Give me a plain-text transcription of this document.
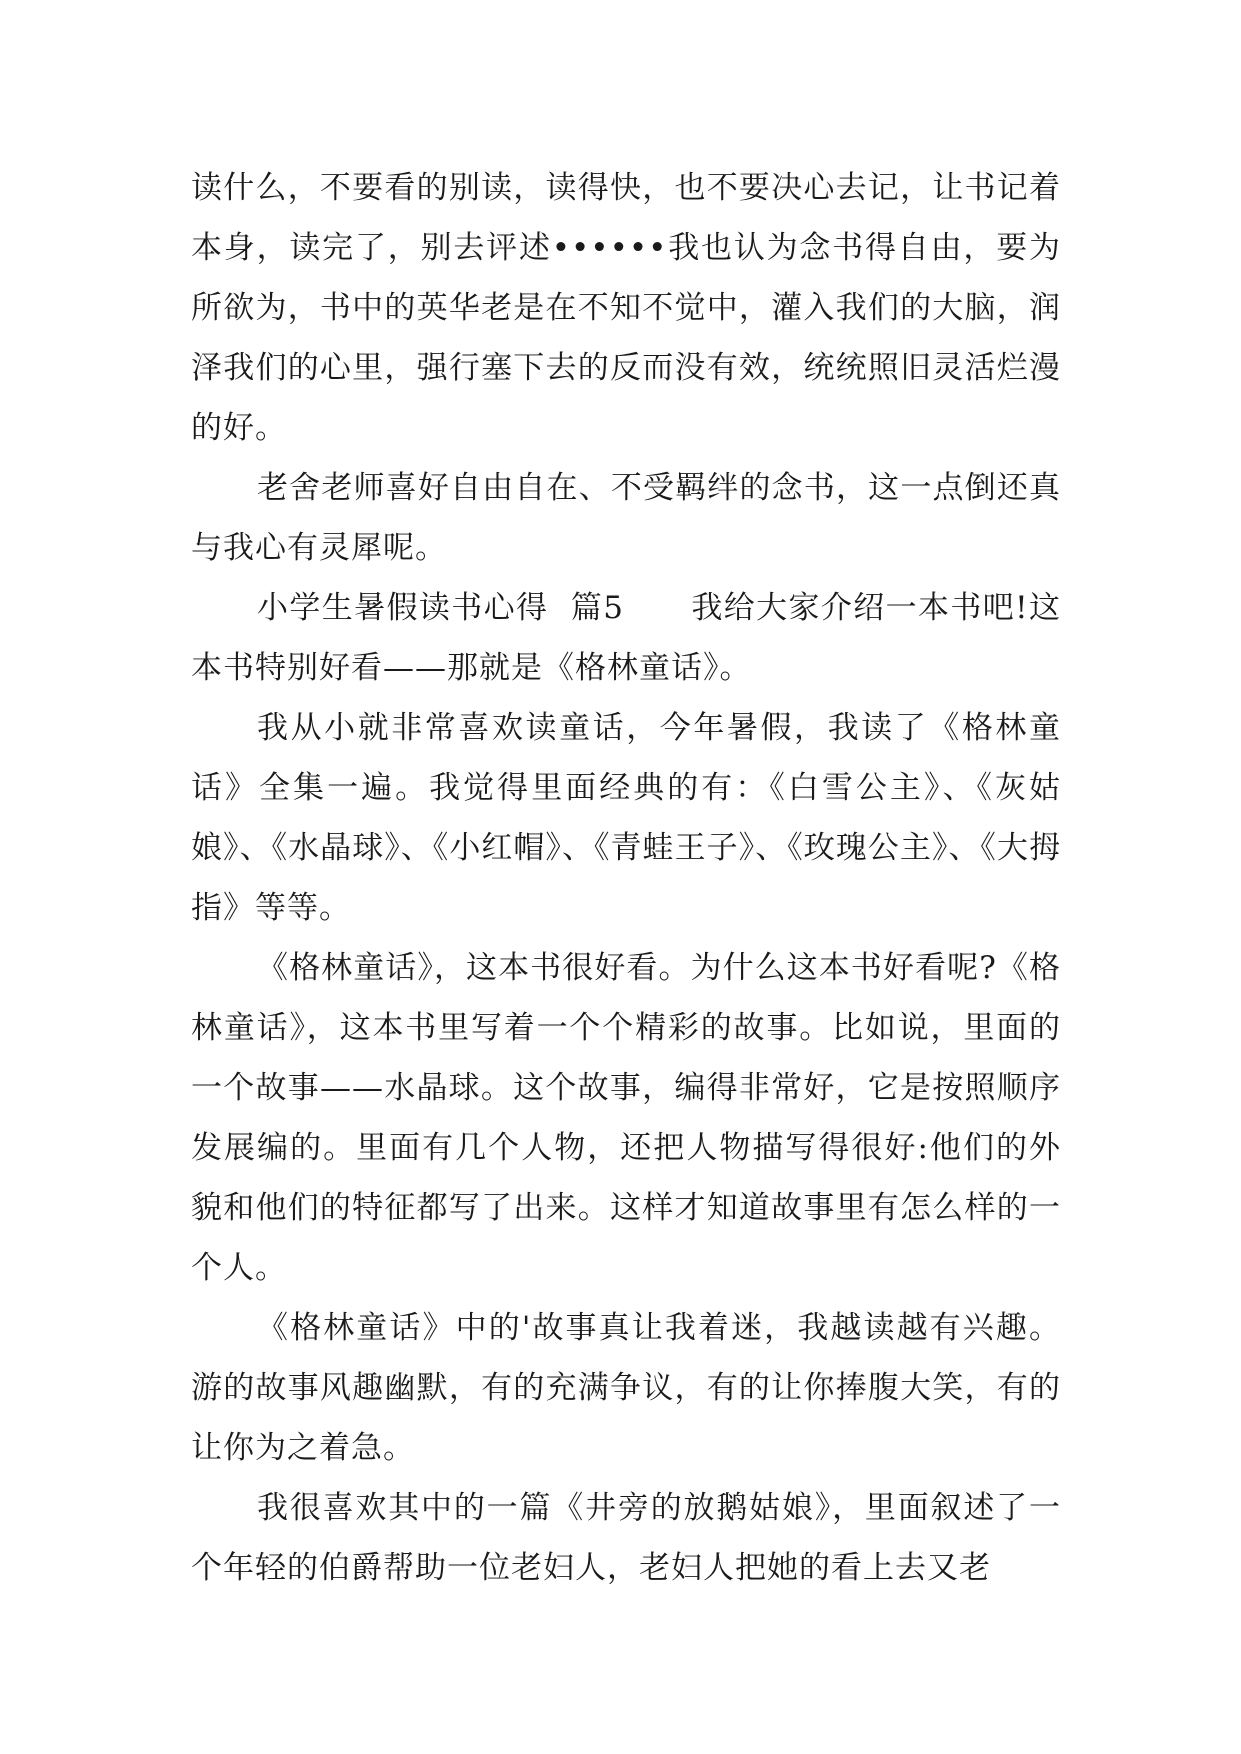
读什么，不要看的别读，读得快，也不要决心去记，让书记着本身，读完了，别去评述••••••我也认为念书得自由，要为所欲为，书中的英华老是在不知不觉中，灌入我们的大脑，润泽我们的心里，强行塞下去的反而没有效，统统照旧灵活烂漫的好。

老舍老师喜好自由自在、不受羁绊的念书，这一点倒还真与我心有灵犀呢。

小学生暑假读书心得  篇5      我给大家介绍一本书吧!这本书特别好看——那就是《格林童话》。

我从小就非常喜欢读童话，今年暑假，我读了《格林童话》全集一遍。我觉得里面经典的有：《白雪公主》、《灰姑娘》、《水晶球》、《小红帽》、《青蛙王子》、《玫瑰公主》、《大拇指》等等。

《格林童话》，这本书很好看。为什么这本书好看呢?《格林童话》，这本书里写着一个个精彩的故事。比如说，里面的一个故事——水晶球。这个故事，编得非常好，它是按照顺序发展编的。里面有几个人物，还把人物描写得很好:他们的外貌和他们的特征都写了出来。这样才知道故事里有怎么样的一个人。

《格林童话》中的'故事真让我着迷，我越读越有兴趣。游的故事风趣幽默，有的充满争议，有的让你捧腹大笑，有的让你为之着急。

我很喜欢其中的一篇《井旁的放鹅姑娘》，里面叙述了一个年轻的伯爵帮助一位老妇人，老妇人把她的看上去又老
